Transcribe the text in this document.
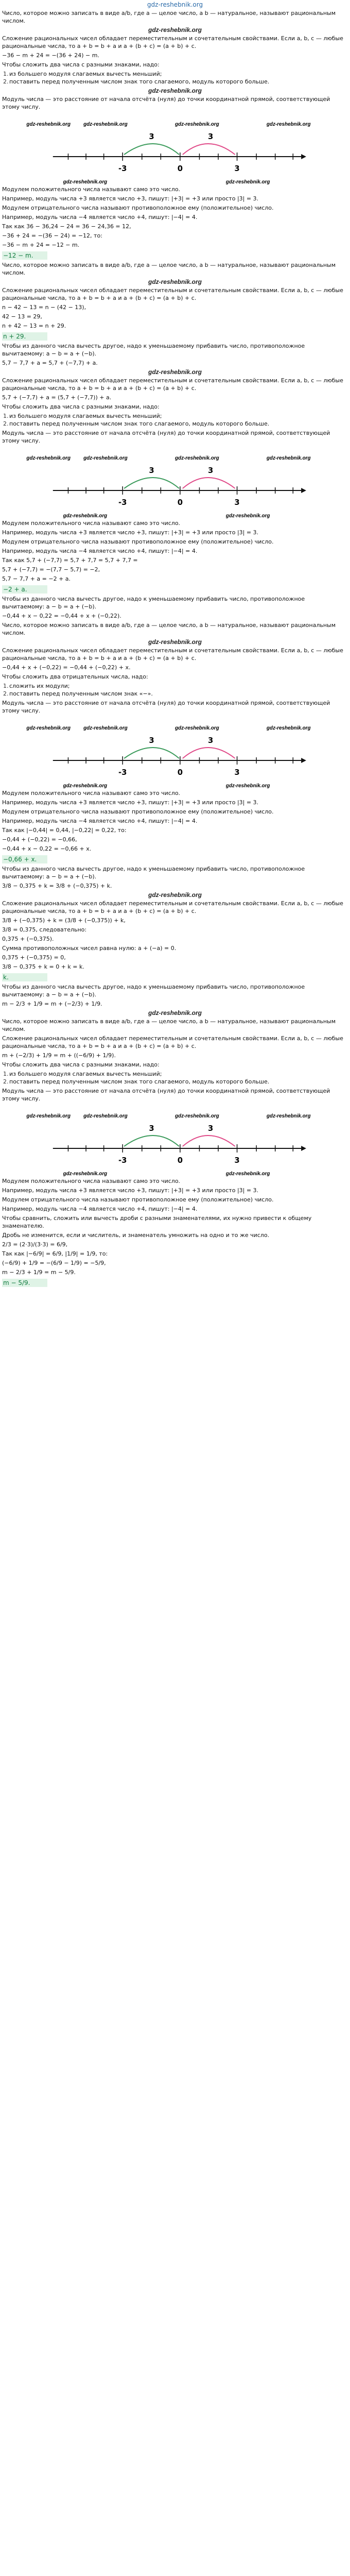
gdz-reshebnik.org

Число, которое можно записать в виде a/b, где a — целое число, а b — натуральное, называют рациональным числом.

gdz-reshebnik.org

Сложение рациональных чисел обладает переместительным и сочетательным свойствами. Если a, b, c — любые рациональные числа, то a + b = b + a и a + (b + c) = (a + b) + c.

−36 − m + 24 = −(36 + 24) − m.

Чтобы сложить два числа с разными знаками, надо:

1. из большего модуля слагаемых вычесть меньший;
2. поставить перед полученным числом знак того слагаемого, модуль которого больше.
gdz-reshebnik.org

Модуль числа — это расстояние от начала отсчёта (нуля) до точки координатной прямой, соответствующей этому числу.

gdz-reshebnik.org	gdz-reshebnik.org	gdz-reshebnik.org	gdz-reshebnik.org
3	3
-3	0	3
gdz-reshebnik.org	gdz-reshebnik.org

Модулем положительного числа называют само это число.

Например, модуль числа +3 является число +3, пишут: |+3| = +3 или просто |3| = 3.

Модулем отрицательного числа называют противоположное ему (положительное) число.

Например, модуль числа −4 является число +4, пишут: |−4| = 4.

Так как 36 − 36,24 − 24 = 36 − 24,36 = 12,

−36 + 24 = −(36 − 24) = −12, то:

−36 − m + 24 = −12 − m.

−12 − m.

Число, которое можно записать в виде a/b, где a — целое число, а b — натуральное, называют рациональным числом.

gdz-reshebnik.org

Сложение рациональных чисел обладает переместительным и сочетательным свойствами. Если a, b, c — любые рациональные числа, то a + b = b + a и a + (b + c) = (a + b) + c.

n − 42 − 13 = n − (42 − 13),

42 − 13 = 29,

n + 42 − 13 = n + 29.

n + 29.

Чтобы из данного числа вычесть другое, надо к уменьшаемому прибавить число, противоположное вычитаемому: a − b = a + (−b).

5,7 − 7,7 + a = 5,7 + (−7,7) + a.

gdz-reshebnik.org

Сложение рациональных чисел обладает переместительным и сочетательным свойствами. Если a, b, c — любые рациональные числа, то a + b = b + a и a + (b + c) = (a + b) + c.

5,7 + (−7,7) + a = (5,7 + (−7,7)) + a.

Чтобы сложить два числа с разными знаками, надо:

1. из большего модуля слагаемых вычесть меньший;
2. поставить перед полученным числом знак того слагаемого, модуль которого больше.

Модуль числа — это расстояние от начала отсчёта (нуля) до точки координатной прямой, соответствующей этому числу.

gdz-reshebnik.org	gdz-reshebnik.org	gdz-reshebnik.org	gdz-reshebnik.org
3	3
-3	0	3
gdz-reshebnik.org	gdz-reshebnik.org

Модулем положительного числа называют само это число.

Например, модуль числа +3 является число +3, пишут: |+3| = +3 или просто |3| = 3.

Модулем отрицательного числа называют противоположное ему (положительное) число.

Например, модуль числа −4 является число +4, пишут: |−4| = 4.

Так как 5,7 + (−7,7) = 5,7 + 7,7 = 5,7 + 7,7 =

5,7 + (−7,7) = −(7,7 − 5,7) = −2,

5,7 − 7,7 + a = −2 + a.

−2 + a.

Чтобы из данного числа вычесть другое, надо к уменьшаемому прибавить число, противоположное вычитаемому: a − b = a + (−b).

−0,44 + x − 0,22 = −0,44 + x + (−0,22).

Число, которое можно записать в виде a/b, где a — целое число, а b — натуральное, называют рациональным числом.

gdz-reshebnik.org

Сложение рациональных чисел обладает переместительным и сочетательным свойствами. Если a, b, c — любые рациональные числа, то a + b = b + a и a + (b + c) = (a + b) + c.

−0,44 + x + (−0,22) = −0,44 + (−0,22) + x.

Чтобы сложить два отрицательных числа, надо:

1. сложить их модули;
2. поставить перед полученным числом знак «−».

Модуль числа — это расстояние от начала отсчёта (нуля) до точки координатной прямой, соответствующей этому числу.

gdz-reshebnik.org	gdz-reshebnik.org	gdz-reshebnik.org	gdz-reshebnik.org
3	3
-3	0	3
gdz-reshebnik.org	gdz-reshebnik.org

Модулем положительного числа называют само это число.

Например, модуль числа +3 является число +3, пишут: |+3| = +3 или просто |3| = 3.

Модулем отрицательного числа называют противоположное ему (положительное) число.

Например, модуль числа −4 является число +4, пишут: |−4| = 4.

Так как |−0,44| = 0,44, |−0,22| = 0,22, то:

−0,44 + (−0,22) = −0,66,

−0,44 + x − 0,22 = −0,66 + x.

−0,66 + x.

Чтобы из данного числа вычесть другое, надо к уменьшаемому прибавить число, противоположное вычитаемому: a − b = a + (−b).

3/8 − 0,375 + k = 3/8 + (−0,375) + k.

gdz-reshebnik.org

Сложение рациональных чисел обладает переместительным и сочетательным свойствами. Если a, b, c — любые рациональные числа, то a + b = b + a и a + (b + c) = (a + b) + c.

3/8 + (−0,375) + k = (3/8 + (−0,375)) + k,

3/8 = 0,375, следовательно:

0,375 + (−0,375).

Сумма противоположных чисел равна нулю: a + (−a) = 0.

0,375 + (−0,375) = 0,

3/8 − 0,375 + k = 0 + k = k.

k.

Чтобы из данного числа вычесть другое, надо к уменьшаемому прибавить число, противоположное вычитаемому: a − b = a + (−b).

m − 2/3 + 1/9 = m + (−2/3) + 1/9.

gdz-reshebnik.org

Число, которое можно записать в виде a/b, где a — целое число, а b — натуральное, называют рациональным числом.

Сложение рациональных чисел обладает переместительным и сочетательным свойствами. Если a, b, c — любые рациональные числа, то a + b = b + a и a + (b + c) = (a + b) + c.

m + (−2/3) + 1/9 = m + ((−6/9) + 1/9).

Чтобы сложить два числа с разными знаками, надо:

1. из большего модуля слагаемых вычесть меньший;
2. поставить перед полученным числом знак того слагаемого, модуль которого больше.

Модуль числа — это расстояние от начала отсчёта (нуля) до точки координатной прямой, соответствующей этому числу.

gdz-reshebnik.org	gdz-reshebnik.org	gdz-reshebnik.org	gdz-reshebnik.org
3	3
-3	0	3
gdz-reshebnik.org	gdz-reshebnik.org

Модулем положительного числа называют само это число.

Например, модуль числа +3 является число +3, пишут: |+3| = +3 или просто |3| = 3.

Модулем отрицательного числа называют противоположное ему (положительное) число.

Например, модуль числа −4 является число +4, пишут: |−4| = 4.

Чтобы сравнить, сложить или вычесть дроби с разными знаменателями, их нужно привести к общему знаменателю.

Дробь не изменится, если и числитель, и знаменатель умножить на одно и то же число.

2/3 = (2·3)/(3·3) = 6/9,

Так как |−6/9| = 6/9, |1/9| = 1/9, то:

(−6/9) + 1/9 = −(6/9 − 1/9) = −5/9,

m − 2/3 + 1/9 = m − 5/9.

m − 5/9.
